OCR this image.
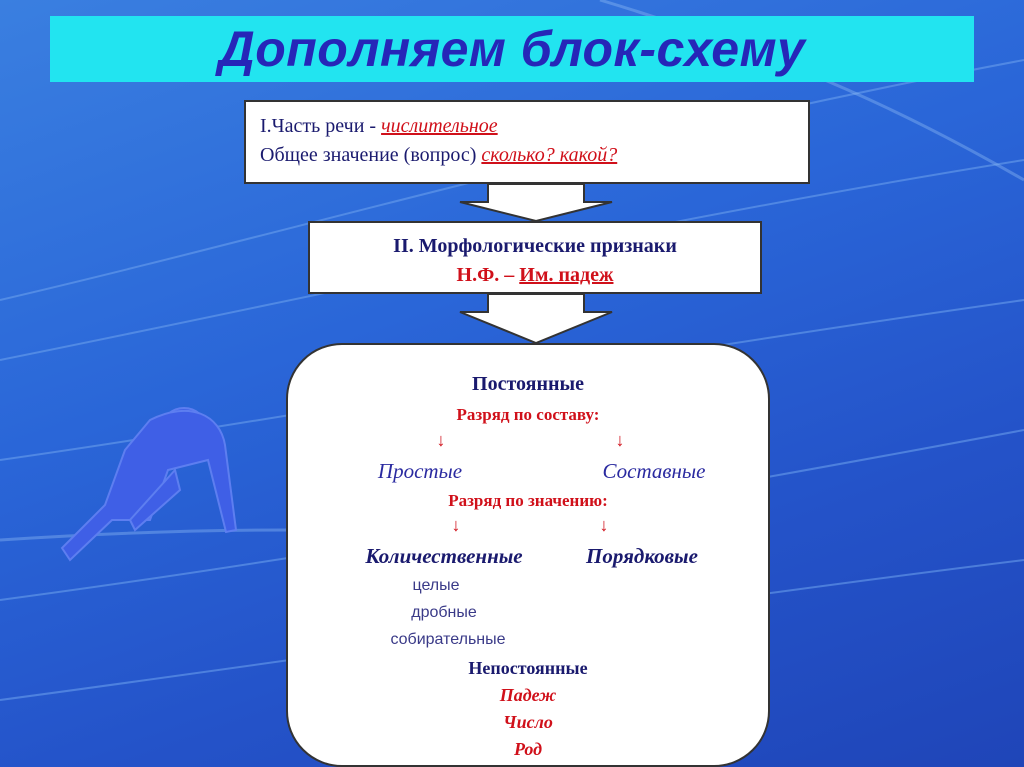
Дополняем блок-схему
I.Часть речи - числительное
Общее значение (вопрос) сколько? какой?
II. Морфологические признаки
Н.Ф. – Им. падеж
Постоянные
Разряд по составу:
↓	↓
Простые	Составные
Разряд по значению:
↓	↓
Количественные	Порядковые
целые
дробные
собирательные
Непостоянные
Падеж
Число
Род
